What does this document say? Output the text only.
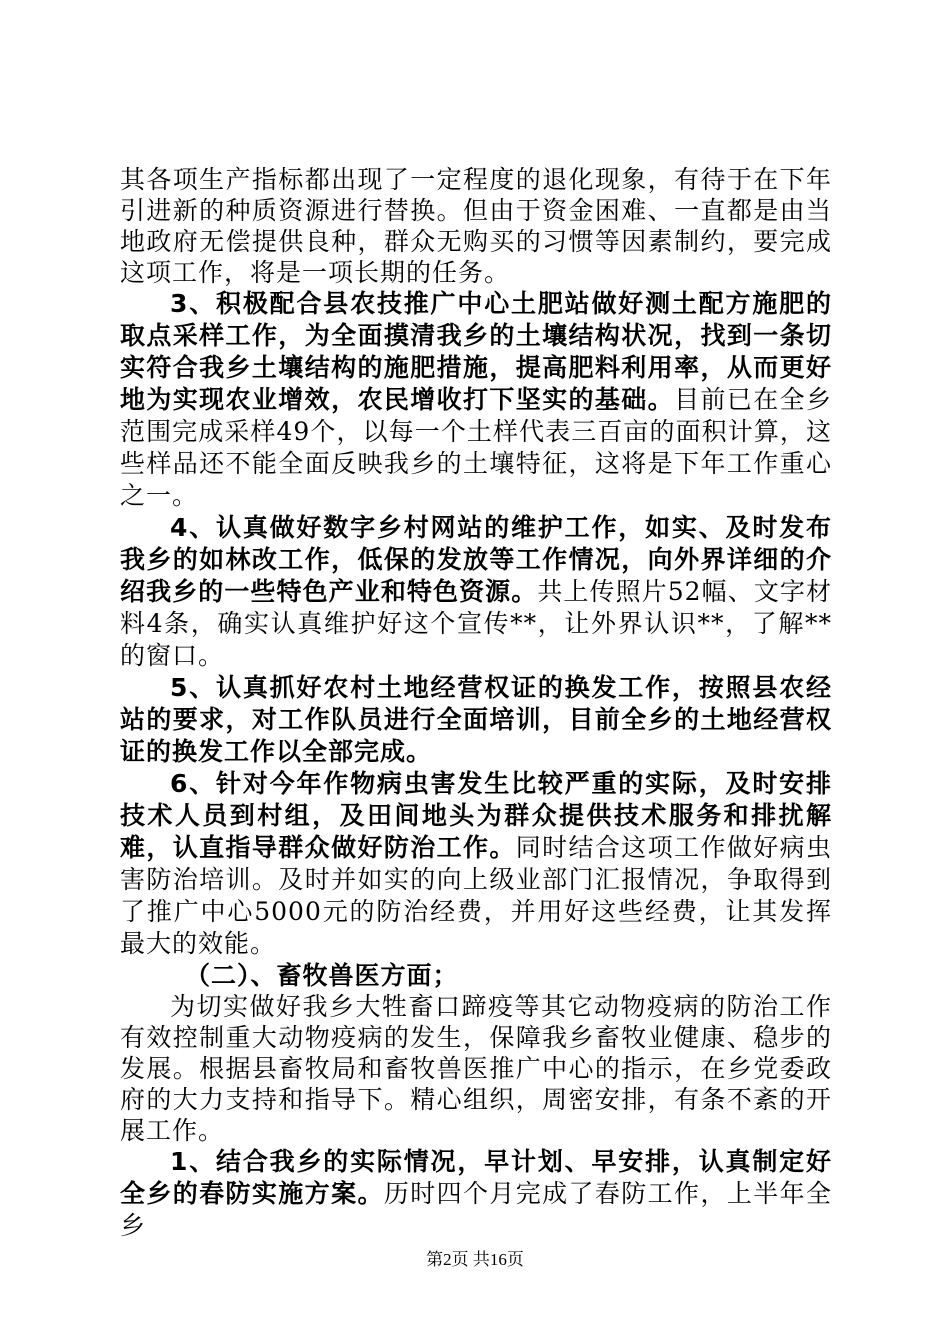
其各项生产指标都出现了一定程度的退化现象，有待于在下年引进新的种质资源进行替换。但由于资金困难、一直都是由当地政府无偿提供良种，群众无购买的习惯等因素制约，要完成这项工作，将是一项长期的任务。

3、积极配合县农技推广中心土肥站做好测土配方施肥的取点采样工作，为全面摸清我乡的土壤结构状况，找到一条切实符合我乡土壤结构的施肥措施，提高肥料利用率，从而更好地为实现农业增效，农民增收打下坚实的基础。目前已在全乡范围完成采样49个，以每一个土样代表三百亩的面积计算，这些样品还不能全面反映我乡的土壤特征，这将是下年工作重心之一。

4、认真做好数字乡村网站的维护工作，如实、及时发布我乡的如林改工作，低保的发放等工作情况，向外界详细的介绍我乡的一些特色产业和特色资源。共上传照片52幅、文字材料4条，确实认真维护好这个宣传**，让外界认识**，了解**的窗口。

5、认真抓好农村土地经营权证的换发工作，按照县农经站的要求，对工作队员进行全面培训，目前全乡的土地经营权证的换发工作以全部完成。

6、针对今年作物病虫害发生比较严重的实际，及时安排技术人员到村组，及田间地头为群众提供技术服务和排扰解难，认直指导群众做好防治工作。同时结合这项工作做好病虫害防治培训。及时并如实的向上级业部门汇报情况，争取得到了推广中心5000元的防治经费，并用好这些经费，让其发挥最大的效能。

（二）、畜牧兽医方面；

为切实做好我乡大牲畜口蹄疫等其它动物疫病的防治工作有效控制重大动物疫病的发生，保障我乡畜牧业健康、稳步的发展。根据县畜牧局和畜牧兽医推广中心的指示，在乡党委政府的大力支持和指导下。精心组织，周密安排，有条不紊的开展工作。

1、结合我乡的实际情况，早计划、早安排，认真制定好全乡的春防实施方案。历时四个月完成了春防工作，上半年全乡

第2页 共16页
